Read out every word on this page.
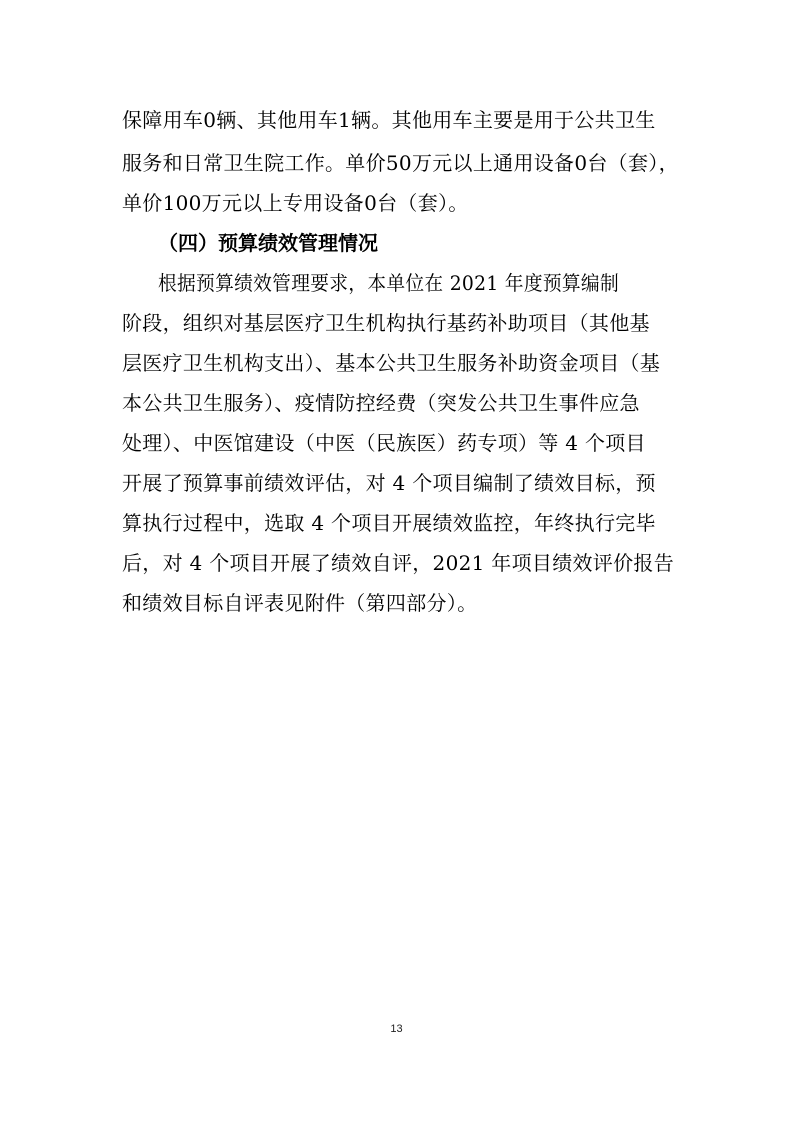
保障用车0辆、其他用车1辆。其他用车主要是用于公共卫生
服务和日常卫生院工作。单价50万元以上通用设备0台（套），
单价100万元以上专用设备0台（套）。
（四）预算绩效管理情况
根据预算绩效管理要求，本单位在 2021 年度预算编制
阶段，组织对基层医疗卫生机构执行基药补助项目（其他基
层医疗卫生机构支出）、基本公共卫生服务补助资金项目（基
本公共卫生服务）、疫情防控经费（突发公共卫生事件应急
处理）、中医馆建设（中医（民族医）药专项）等 4 个项目
开展了预算事前绩效评估，对 4 个项目编制了绩效目标，预
算执行过程中，选取 4 个项目开展绩效监控，年终执行完毕
后，对 4 个项目开展了绩效自评，2021 年项目绩效评价报告
和绩效目标自评表见附件（第四部分）。
13
